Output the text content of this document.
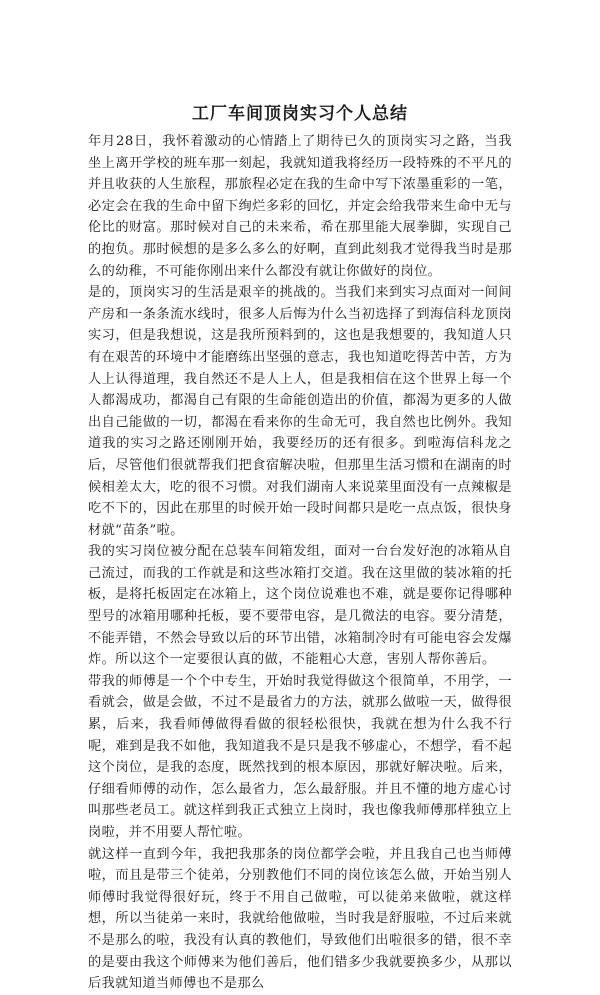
工厂车间顶岗实习个人总结

年月28日，我怀着激动的心情踏上了期待已久的顶岗实习之路，当我坐上离开学校的班车那一刻起，我就知道我将经历一段特殊的不平凡的并且收获的人生旅程，那旅程必定在我的生命中写下浓墨重彩的一笔，必定会在我的生命中留下绚烂多彩的回忆，并定会给我带来生命中无与伦比的财富。那时候对自己的未来希，希在那里能大展拳脚，实现自己的抱负。那时候想的是多么多么的好啊，直到此刻我才觉得我当时是那么的幼稚，不可能你刚出来什么都没有就让你做好的岗位。

是的，顶岗实习的生活是艰辛的挑战的。当我们来到实习点面对一间间产房和一条条流水线时，很多人后悔为什么当初选择了到海信科龙顶岗实习，但是我想说，这是我所预料到的，这也是我想要的，我知道人只有在艰苦的环境中才能磨练出坚强的意志，我也知道吃得苦中苦，方为人上认得道理，我自然还不是人上人，但是我相信在这个世界上每一个人都渴成功，都渴自己有限的生命能创造出的价值，都渴为更多的人做出自己能做的一切，都渴在看来你的生命无可，我自然也比例外。我知道我的实习之路还刚刚开始，我要经历的还有很多。到啦海信科龙之后，尽管他们很就帮我们把食宿解决啦，但那里生活习惯和在湖南的时候相差太大，吃的很不习惯。对我们湖南人来说菜里面没有一点辣椒是吃不下的，因此在那里的时候开始一段时间都只是吃一点点饭，很快身材就“苗条”啦。

我的实习岗位被分配在总装车间箱发组，面对一台台发好泡的冰箱从自己流过，而我的工作就是和这些冰箱打交道。我在这里做的装冰箱的托板，是将托板固定在冰箱上，这个岗位说难也不难，就是要你记得哪种型号的冰箱用哪种托板，要不要带电容，是几微法的电容。要分清楚，不能弄错，不然会导致以后的环节出错，冰箱制冷时有可能电容会发爆炸。所以这个一定要很认真的做，不能粗心大意，害别人帮你善后。

带我的师傅是一个个中专生，开始时我觉得做这个很简单，不用学，一看就会，做是会做，不过不是最省力的方法，就那么做啦一天，做得很累，后来，我看师傅做得看做的很轻松很快，我就在想为什么我不行呢，难到是我不如他，我知道我不是只是我不够虚心，不想学，看不起这个岗位，是我的态度，既然找到的根本原因，那就好解决啦。后来，仔细看师傅的动作，怎么最省力，怎么最舒服。并且不懂的地方虚心讨叫那些老员工。就这样到我正式独立上岗时，我也像我师傅那样独立上岗啦，并不用要人帮忙啦。

就这样一直到今年，我把我那条的岗位都学会啦，并且我自己也当师傅啦，而且是带三个徒弟，分别教他们不同的岗位该怎么做，开始当别人师傅时我觉得很好玩，终于不用自己做啦，可以徒弟来做啦，就这样想，所以当徒弟一来时，我就给他做啦，当时我是舒服啦，不过后来就不是那么的啦，我没有认真的教他们，导致他们出啦很多的错，很不幸的是要由我这个师傅来为他们善后，他们错多少我就要换多少，从那以后我就知道当师傅也不是那么
